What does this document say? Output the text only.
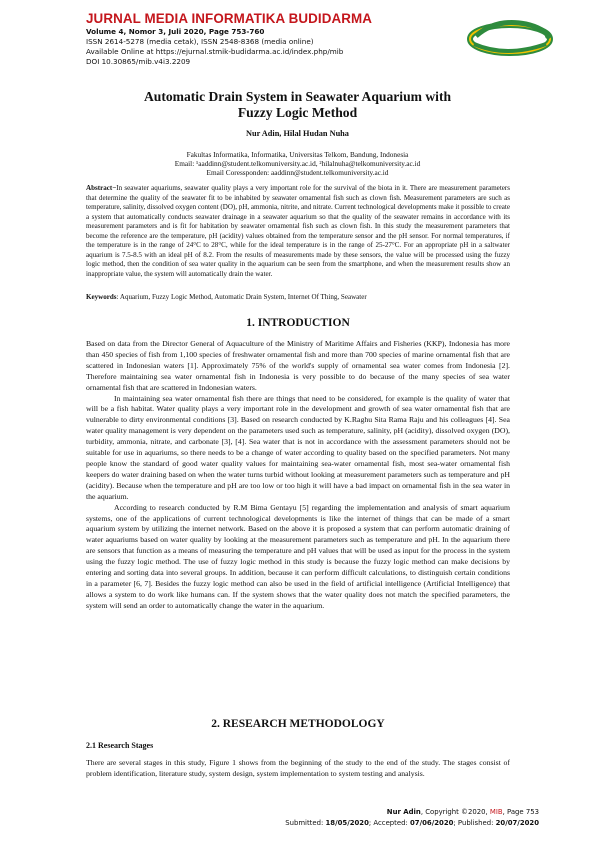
JURNAL MEDIA INFORMATIKA BUDIDARMA
Volume 4, Nomor 3, Juli 2020, Page 753-760
ISSN 2614-5278 (media cetak), ISSN 2548-8368 (media online)
Available Online at https://ejurnal.stmik-budidarma.ac.id/index.php/mib
DOI 10.30865/mib.v4i3.2209
Automatic Drain System in Seawater Aquarium with
Fuzzy Logic Method
Nur Adin, Hilal Hudan Nuha
Fakultas Informatika, Informatika, Universitas Telkom, Bandung, Indonesia
Email: ¹aaddinn@student.telkomuniversity.ac.id, ²hilalnuha@telkomuniversity.ac.id
Email Coressponden: aaddinn@student.telkomuniversity.ac.id

Abstract−In seawater aquariums, seawater quality plays a very important role for the survival of the biota in it. There are measurement parameters that determine the quality of the seawater fit to be inhabited by seawater ornamental fish such as clown fish. Measurement parameters are such as temperature, salinity, dissolved oxygen content (DO), pH, ammonia, nitrite, and nitrate. Current technological developments make it possible to create a system that automatically conducts seawater drainage in a seawater aquarium so that the quality of the seawater remains in accordance with its measurement parameters and is fit for habitation by seawater ornamental fish such as clown fish. In this study the measurement parameters that become the reference are the temperature, pH (acidity) values obtained from the temperature sensor and the pH sensor. For normal temperatures, if the temperature is in the range of 24°C to 28°C, while for the ideal temperature is in the range of 25-27°C. For an appropriate pH in a saltwater aquarium is 7.5-8.5 with an ideal pH of 8.2. From the results of measurements made by these sensors, the value will be processed using the fuzzy logic method, then the condition of sea water quality in the aquarium can be seen from the smartphone, and when the measurement results show an inappropriate value, the system will automatically drain the water.

Keywords: Aquarium, Fuzzy Logic Method, Automatic Drain System, Internet Of Thing, Seawater

1. INTRODUCTION

Based on data from the Director General of Aquaculture of the Ministry of Maritime Affairs and Fisheries (KKP), Indonesia has more than 450 species of fish from 1,100 species of freshwater ornamental fish and more than 700 species of marine ornamental fish that are scattered in Indonesian waters [1]. Approximately 75% of the world's supply of ornamental sea water comes from Indonesia [2]. Therefore maintaining sea water ornamental fish in Indonesia is very possible to do because of the many species of sea water ornamental fish that are scattered in Indonesian waters.

In maintaining sea water ornamental fish there are things that need to be considered, for example is the quality of water that will be a fish habitat. Water quality plays a very important role in the development and growth of sea water ornamental fish that are vulnerable to dirty environmental conditions [3]. Based on research conducted by K.Raghu Sita Rama Raju and his colleagues [4]. Sea water quality management is very dependent on the parameters used such as temperature, salinity, pH (acidity), dissolved oxygen (DO), turbidity, ammonia, nitrate, and carbonate [3], [4]. Sea water that is not in accordance with the assessment parameters should not be suitable for use in aquariums, so there needs to be a change of water according to quality based on the specified parameters. Not many people know the standard of good water quality values for maintaining sea-water ornamental fish, most sea-water ornamental fish keepers do water draining based on when the water turns turbid without looking at measurement parameters such as temperature and pH (acidity). Because when the temperature and pH are too low or too high it will have a bad impact on ornamental fish in the sea water in the aquarium.

According to research conducted by R.M Bima Gentayu [5] regarding the implementation and analysis of smart aquarium systems, one of the applications of current technological developments is like the internet of things that can be made of a smart aquarium system by utilizing the internet network. Based on the above it is proposed a system that can perform automatic draining of water aquariums based on water quality by looking at the measurement parameters such as temperature and pH. In the aquarium there are sensors that function as a means of measuring the temperature and pH values that will be used as input for the process in the system using the fuzzy logic method. The use of fuzzy logic method in this study is because the fuzzy logic method can make decisions by entering and sorting data into several groups. In addition, because it can perform difficult calculations, to distinguish certain conditions in a parameter [6, 7]. Besides the fuzzy logic method can also be used in the field of artificial intelligence (Artificial Intelligence) that allows a system to do work like humans can. If the system shows that the water quality does not match the specified parameters, the system will send an order to automatically change the water in the aquarium.

2. RESEARCH METHODOLOGY
2.1 Research Stages

There are several stages in this study, Figure 1 shows from the beginning of the study to the end of the study. The stages consist of problem identification, literature study, system design, system implementation to system testing and analysis.

Nur Adin, Copyright ©2020, MIB, Page 753
Submitted: 18/05/2020; Accepted: 07/06/2020; Published: 20/07/2020
